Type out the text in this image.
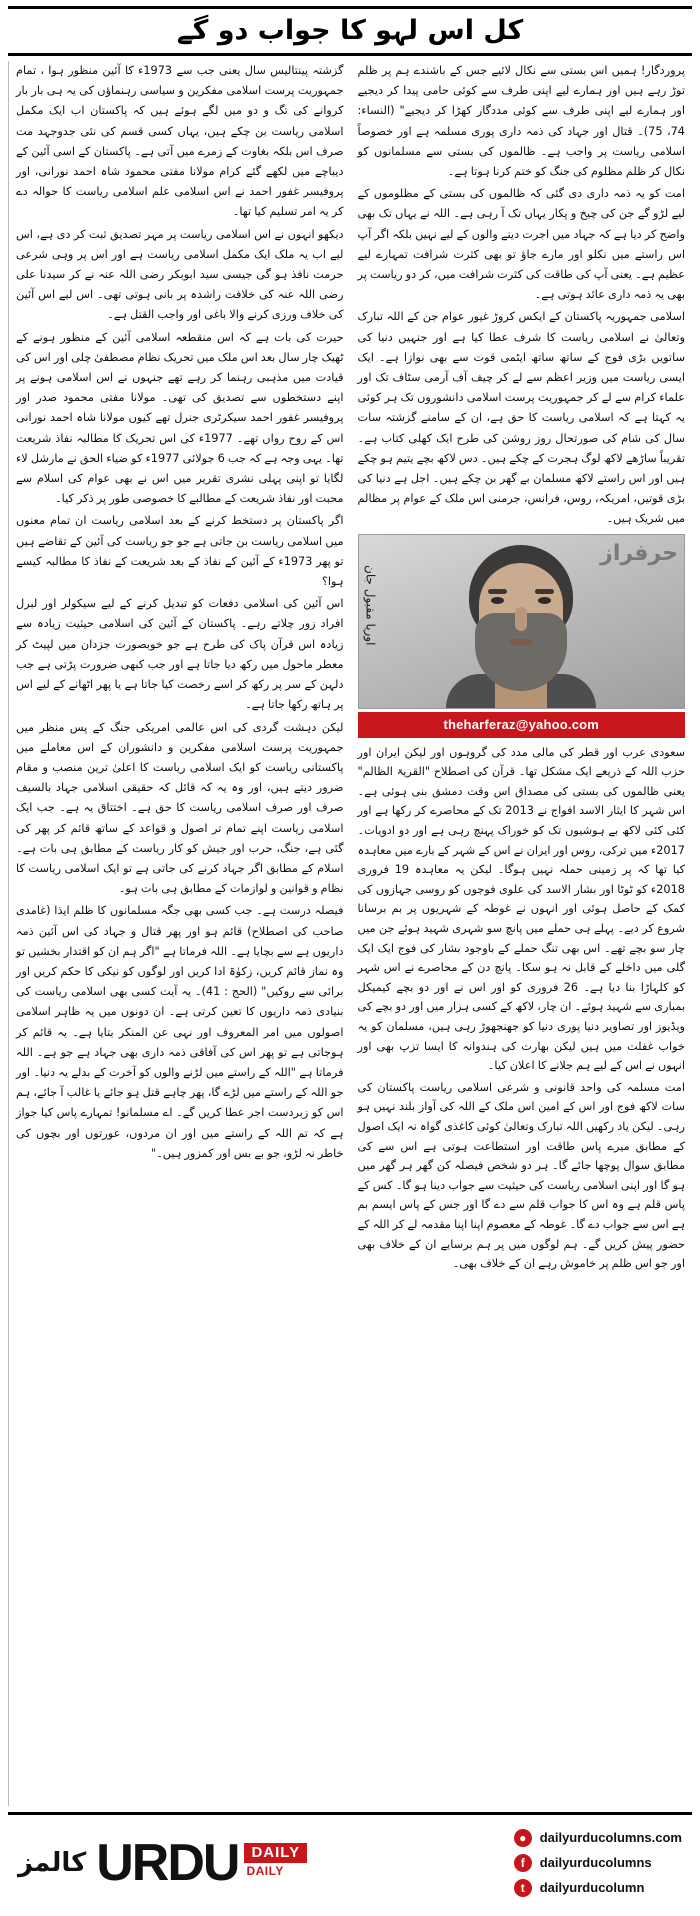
کل اس لہو کا جواب دو گے

گزشتہ پینتالیس سال یعنی جب سے 1973ء کا آئین منظور ہوا ، تمام جمہوریت پرست اسلامی مفکرین و سیاسی رہنماؤں کی یہ ہی بار بار کروانے کی تگ و دو میں لگے ہوئے ہیں کہ پاکستان اب ایک مکمل اسلامی ریاست بن چکے ہیں، یہاں کسی قسم کی نئی جدوجہد مت صرف اس بلکہ بغاوت کے زمرے میں آتی ہے۔ پاکستان کے اسی آئین کے دیباچے میں لکھے گئے کرام مولانا مفتی محمود شاہ احمد نورانی، اور پروفیسر غفور احمد نے اس اسلامی علم اسلامی ریاست کا حوالہ دے کر یہ امر تسلیم کیا تھا۔

دیکھو انہوں نے اس اسلامی ریاست پر مہر تصدیق ثبت کر دی ہے، اس لیے اب یہ ملک ایک مکمل اسلامی ریاست ہے اور اس پر وہی شرعی حرمت نافذ ہو گی جیسی سید ابوبکر رضی اللہ عنہ نے کر سیدنا علی رضی اللہ عنہ کی خلافت راشدہ پر بانی ہوتی تھی۔ اس لیے اس آئین کی خلاف ورزی کرنے والا باغی اور واجب القتل ہے۔

حیرت کی بات ہے کہ اس منقطعہ اسلامی آئین کے منظور ہونے کے ٹھیک چار سال بعد اس ملک میں تحریک نظام مصطفیٰ چلی اور اس کی قیادت میں مذہبی رہنما کر رہے تھے جنہوں نے اس اسلامی ہونے پر اپنے دستخطوں سے تصدیق کی تھی۔ مولانا مفتی محمود صدر اور پروفیسر غفور احمد سیکرٹری جنرل تھے کیوں مولانا شاہ احمد نورانی اس کے روح رواں تھے۔ 1977ء کی اس تحریک کا مطالبہ نفاذ شریعت تھا۔ یہی وجہ ہے کہ جب 6 جولائی 1977ء کو ضیاء الحق نے مارشل لاء لگایا تو اپنی پہلی نشری تقریر میں اس نے بھی عوام کی اسلام سے محبت اور نفاذ شریعت کے مطالبے کا خصوصی طور پر ذکر کیا۔

اگر پاکستان پر دستخط کرنے کے بعد اسلامی ریاست ان تمام معنوں میں اسلامی ریاست بن جاتی ہے جو جو ریاست کی آئین کے تقاضے ہیں تو پھر 1973ء کے آئین کے نفاذ کے بعد شریعت کے نفاذ کا مطالبہ کیسے ہوا؟

اس آئین کی اسلامی دفعات کو تبدیل کرنے کے لیے سیکولر اور لبرل افراد زور چلاتے رہے۔ پاکستان کے آئین کی اسلامی حیثیت زیادہ سے زیادہ اس قرآن پاک کی طرح ہے جو خوبصورت جزدان میں لپیٹ کر معطر ماحول میں رکھ دیا جاتا ہے اور جب کبھی ضرورت پڑتی ہے جب دلہن کے سر پر رکھ کر اسے رخصت کیا جاتا ہے یا پھر اٹھانے کے لیے اس پر ہاتھ رکھا جاتا ہے۔

لیکن دہشت گردی کی اس عالمی امریکی جنگ کے پس منظر میں جمہوریت پرست اسلامی مفکرین و دانشوران کے اس معاملے میں پاکستانی ریاست کو ایک اسلامی ریاست کا اعلیٰ ترین منصب و مقام ضرور دیتے ہیں، اور وہ یہ کہ قائل کہ حقیقی اسلامی جہاد بالسیف صرف اور صرف اسلامی ریاست کا حق ہے۔ اختتاق یہ ہے۔ جب ایک اسلامی ریاست اپنے تمام تر اصول و قواعد کے ساتھ قائم کر پھر کی گئی ہے، جنگ، حرب اور جیش کو کار ریاست کے مطابق ہی بات ہے۔ اسلام کے مطابق اگر جہاد کرنے کی جاتی ہے تو ایک اسلامی ریاست کا نظام و قوانین و لوازمات کے مطابق ہی بات ہو۔

فیصلہ درست ہے۔ جب کسی بھی جگہ مسلمانوں کا ظلم ایذا (غامدی صاحب کی اصطلاح) قائم ہو اور پھر قتال و جہاد کی اس آئین ذمہ داریوں ہے سے بچایا ہے۔ اللہ فرماتا ہے "اگر ہم ان کو اقتدار بخشیں تو وہ نماز قائم کریں، زکوٰۃ ادا کریں اور لوگوں کو نیکی کا حکم کریں اور برائی سے روکیں" (الحج : 41)۔ یہ آیت کسی بھی اسلامی ریاست کی بنیادی ذمہ داریوں کا تعین کرتی ہے۔ ان دونوں میں یہ ظاہر اسلامی اصولوں میں امر المعروف اور نہی عن المنکر بتایا ہے۔ یہ قائم کر ہوجاتی ہے تو پھر اس کی آفاقی ذمہ داری بھی جہاد ہے جو ہے۔ اللہ فرماتا ہے "اللہ کے راستے میں لڑنے والوں کو آخرت کے بدلے یہ دنیا۔ اور جو اللہ کے راستے میں لڑے گا، پھر چاہے قتل ہو جائے یا غالب آ جائے، ہم اس کو زبردست اجر عطا کریں گے۔ اے مسلمانو! تمہارے پاس کیا جواز ہے کہ تم اللہ کے راستے میں اور ان مردوں، عورتوں اور بچوں کی خاطر نہ لڑو، جو بے بس اور کمزور ہیں۔"

پروردگار! ہمیں اس بستی سے نکال لائیے جس کے باشندے ہم پر ظلم توڑ رہے ہیں اور ہمارے لیے اپنی طرف سے کوئی حامی پیدا کر دیجیے اور ہمارے لیے اپنی طرف سے کوئی مددگار کھڑا کر دیجیے" (النساء: 74، 75)۔ قتال اور جہاد کی ذمہ داری پوری مسلمہ ہے اور خصوصاً اسلامی ریاست پر واجب ہے۔ ظالموں کی بستی سے مسلمانوں کو نکال کر ظلم مظلوم کی جنگ کو ختم کرنا ہوتا ہے۔

امت کو یہ ذمہ داری دی گئی کہ ظالموں کی بستی کے مظلوموں کے لیے لڑو گے جن کی چیخ و پکار یہاں تک آ رہی ہے۔ اللہ نے یہاں تک بھی واضح کر دیا ہے کہ جہاد میں اجرت دینے والوں کے لیے نہیں بلکہ اگر آپ اس راستے میں نکلو اور مارے جاؤ تو بھی کثرت شرافت تمہارے لیے عظیم ہے۔ یعنی آپ کی طاقت کی کثرت شرافت میں، کر دو ریاست پر بھی یہ ذمہ داری عائد ہوتی ہے۔

اسلامی جمہوریہ پاکستان کے ایکس کروڑ غیور عوام جن کے اللہ تبارک وتعالیٰ نے اسلامی ریاست کا شرف عطا کیا ہے اور جنہیں دنیا کی ساتویں بڑی فوج کے ساتھ ساتھ ایٹمی قوت سے بھی نوازا ہے۔ ایک ایسی ریاست میں وزیر اعظم سے لے کر چیف آف آرمی سٹاف تک اور علماء کرام سے لے کر جمہوریت پرست اسلامی دانشوروں تک ہر کوئی یہ کہتا ہے کہ اسلامی ریاست کا حق ہے، ان کے سامنے گزشتہ سات سال کی شام کی صورتحال روز روشن کی طرح ایک کھلی کتاب ہے۔ تقریباً ساڑھے لاکھ لوگ ہجرت کے چکے ہیں۔ دس لاکھ بچے یتیم ہو چکے ہیں اور اس راستے لاکھ مسلمان بے گھر بن چکے ہیں۔ اجل ہے دنیا کی بڑی قوتیں، امریکہ، روس، فرانس، جرمنی اس ملک کے عوام پر مظالم میں شریک ہیں۔

حرفراز
اوریا مقبول جان
theharferaz@yahoo.com

سعودی عرب اور قطر کی مالی مدد کی گروہوں اور لیکن ایران اور حزب اللہ کے ذریعے ایک مشکل تھا۔ قرآن کی اصطلاح "القریۃ الظالم" یعنی ظالموں کی بستی کی مصداق اس وقت دمشق بنی ہوئی ہے۔ اس شہر کا ایثار الاسد افواج نے 2013 تک کے محاصرے کر رکھا ہے اور کئی کئی لاکھ بے ہوشیوں تک کو خوراک پہنچ رہی ہے اور دو ادویات۔ 2017ء میں ترکی، روس اور ایران نے اس کے شہر کے بارے میں معاہدہ کیا تھا کہ پر زمینی حملہ نہیں ہوگا۔ لیکن یہ معاہدہ 19 فروری 2018ء کو ٹوٹا اور بشار الاسد کی علوی فوجوں کو روسی جہازوں کی کمک کے حاصل ہوئی اور انہوں نے غوطہ کے شہریوں پر بم برسانا شروع کر دیے۔ پہلے ہی حملے میں پانچ سو شہری شہید ہوئے جن میں چار سو بچے تھے۔ اس بھی تنگ حملے کے باوجود بشار کی فوج ایک ایک گلی میں داخلے کے قابل نہ ہو سکا۔ پانچ دن کے محاصرے نے اس شہر کو کلہاڑا بنا دیا ہے۔ 26 فروری کو اور اس نے اور دو بچے کیمیکل بمباری سے شہید ہوئے۔ ان چار، لاکھ کے کسی ہزار میں اور دو بچے کی ویڈیوز اور تصاویر دنیا پوری دنیا کو جھنجھوڑ رہی ہیں، مسلمان کو یہ خواب غفلت میں ہیں لیکن بھارت کی ہندوانہ کا ایسا تزپ بھی اور انہوں نے اس کے لیے ہم جلانے کا اعلان کیا۔

امت مسلمہ کی واحد قانونی و شرعی اسلامی ریاست پاکستان کی سات لاکھ فوج اور اس کے امین اس ملک کے اللہ کی آواز بلند نہیں ہو رہی۔ لیکن یاد رکھیں اللہ تبارک وتعالیٰ کوئی کاغذی گواہ نہ ایک اصول کے مطابق میرے پاس طاقت اور استطاعت ہوتی ہے اس سے کی مطابق سوال پوچھا جائے گا۔ ہر دو شخص فیصلہ کن گھر ہر گھر میں ہو گا اور اپنی اسلامی ریاست کی حیثیت سے جواب دینا ہو گا۔ کس کے پاس قلم ہے وہ اس کا جواب قلم سے دے گا اور جس کے پاس ایسم بم ہے اس سے جواب دے گا۔ غوطہ کے معصوم اپنا اپنا مقدمہ لے کر اللہ کے حضور پیش کریں گے۔ ہم لوگوں میں پر ہم برسایے ان کے خلاف بھی اور جو اس ظلم پر خاموش رہے ان کے خلاف بھی۔

کالمز URDU DAILY
DAILY
●	dailyurducolumns.com
f	dailyurducolumns
t	dailyurducolumn
